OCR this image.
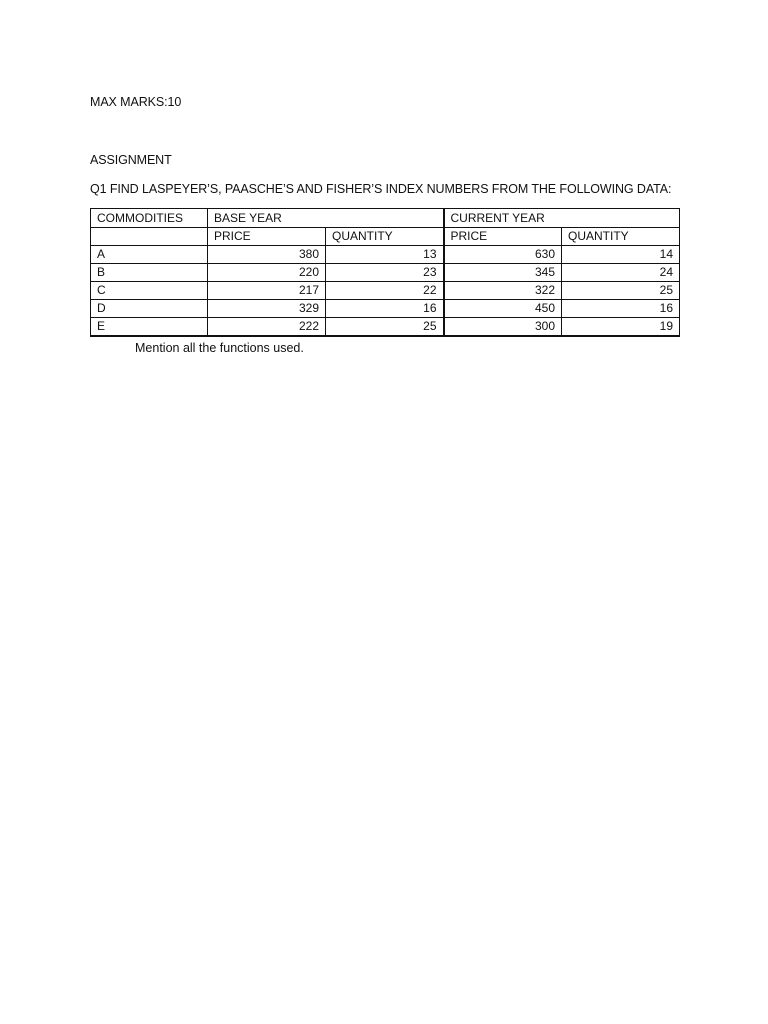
MAX MARKS:10
ASSIGNMENT
Q1 FIND LASPEYER’S, PAASCHE’S AND FISHER’S INDEX NUMBERS FROM THE FOLLOWING DATA:
COMMODITIES	BASE YEAR		CURRENT YEAR	
	PRICE	QUANTITY	PRICE	QUANTITY
A	380	13	630	14
B	220	23	345	24
C	217	22	322	25
D	329	16	450	16
E	222	25	300	19
Mention all the functions used.
